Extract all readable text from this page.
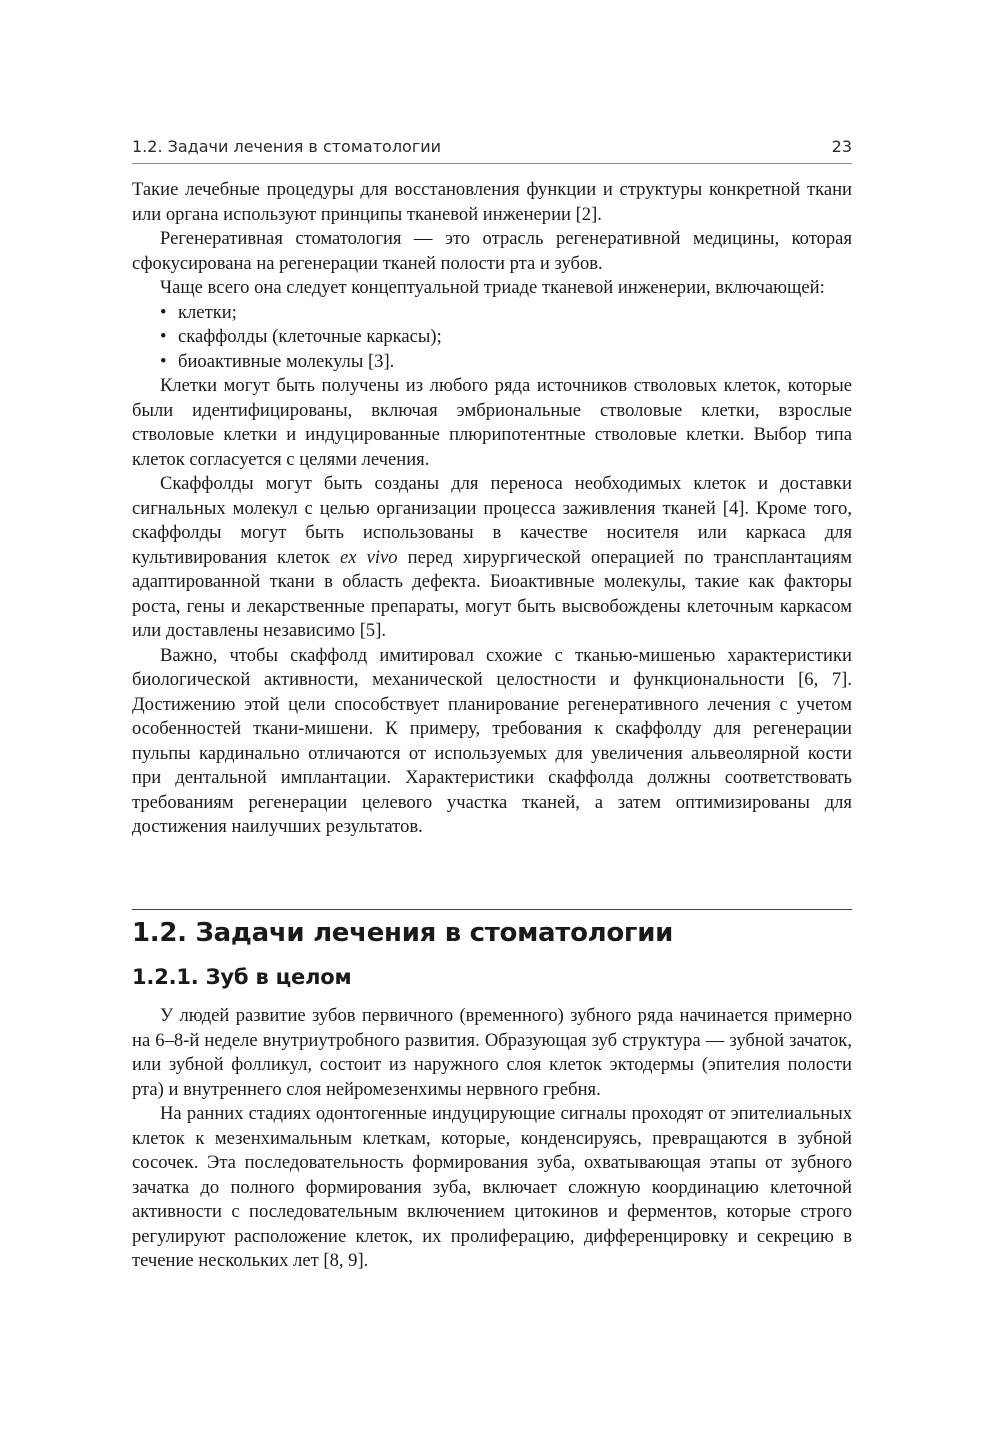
1.2. Задачи лечения в стоматологии	23

Такие лечебные процедуры для восстановления функции и структуры конкретной ткани или органа используют принципы тканевой инженерии [2].

Регенеративная стоматология — это отрасль регенеративной медицины, которая сфокусирована на регенерации тканей полости рта и зубов.

Чаще всего она следует концептуальной триаде тканевой инженерии, включающей:

• клетки;
• скаффолды (клеточные каркасы);
• биоактивные молекулы [3].

Клетки могут быть получены из любого ряда источников стволовых клеток, которые были идентифицированы, включая эмбриональные стволовые клетки, взрослые стволовые клетки и индуцированные плюрипотентные стволовые клетки. Выбор типа клеток согласуется с целями лечения.

Скаффолды могут быть созданы для переноса необходимых клеток и доставки сигнальных молекул с целью организации процесса заживления тканей [4]. Кроме того, скаффолды могут быть использованы в качестве носителя или каркаса для культивирования клеток ex vivo перед хирургической операцией по трансплантациям адаптированной ткани в область дефекта. Биоактивные молекулы, такие как факторы роста, гены и лекарственные препараты, могут быть высвобождены клеточным каркасом или доставлены независимо [5].

Важно, чтобы скаффолд имитировал схожие с тканью-мишенью характеристики биологической активности, механической целостности и функциональности [6, 7]. Достижению этой цели способствует планирование регенеративного лечения с учетом особенностей ткани-мишени. К примеру, требования к скаффолду для регенерации пульпы кардинально отличаются от используемых для увеличения альвеолярной кости при дентальной имплантации. Характеристики скаффолда должны соответствовать требованиям регенерации целевого участка тканей, а затем оптимизированы для достижения наилучших результатов.

1.2. Задачи лечения в стоматологии
1.2.1. Зуб в целом

У людей развитие зубов первичного (временного) зубного ряда начинается примерно на 6–8-й неделе внутриутробного развития. Образующая зуб структура — зубной зачаток, или зубной фолликул, состоит из наружного слоя клеток эктодермы (эпителия полости рта) и внутреннего слоя нейромезенхимы нервного гребня.

На ранних стадиях одонтогенные индуцирующие сигналы проходят от эпителиальных клеток к мезенхимальным клеткам, которые, конденсируясь, превращаются в зубной сосочек. Эта последовательность формирования зуба, охватывающая этапы от зубного зачатка до полного формирования зуба, включает сложную координацию клеточной активности с последовательным включением цитокинов и ферментов, которые строго регулируют расположение клеток, их пролиферацию, дифференцировку и секрецию в течение нескольких лет [8, 9].
